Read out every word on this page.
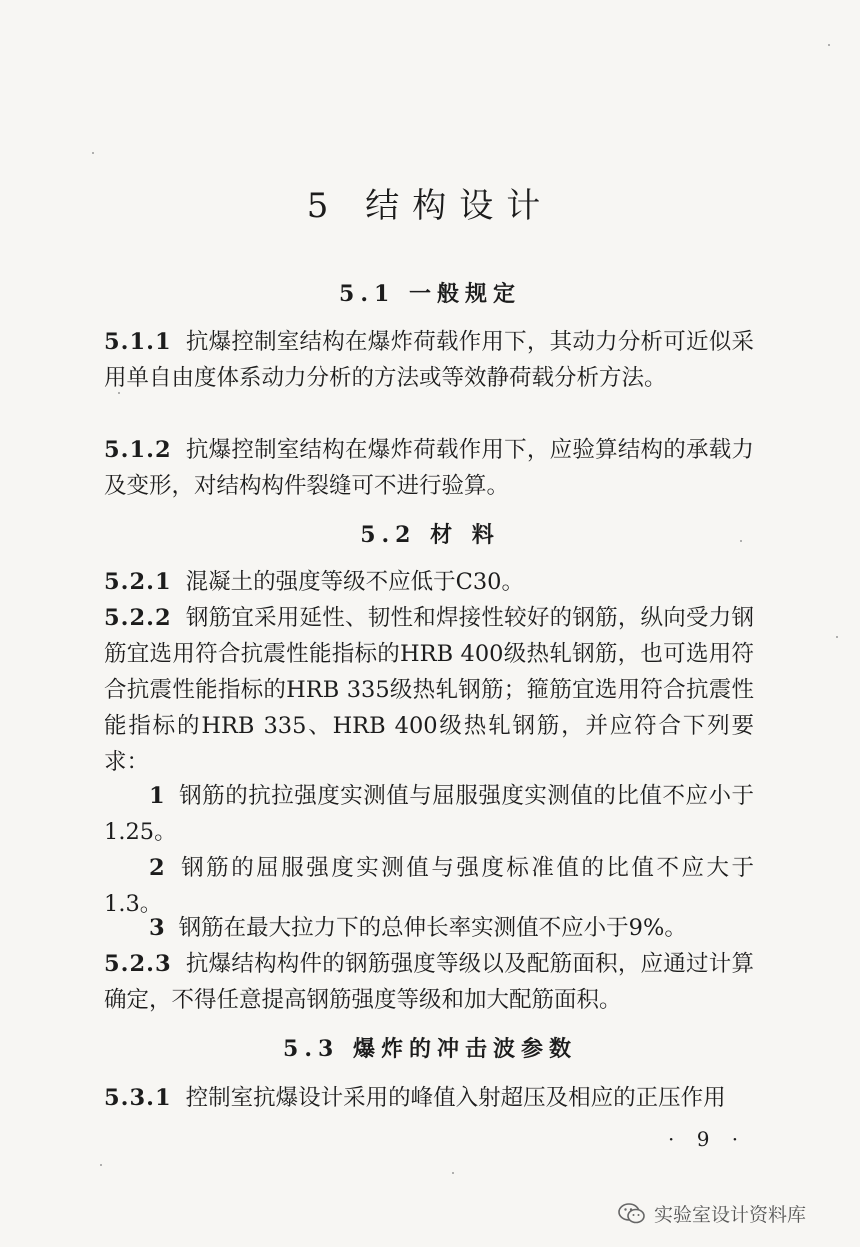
5 结构设计
5.1 一般规定
5.1.1 抗爆控制室结构在爆炸荷载作用下，其动力分析可近似采用单自由度体系动力分析的方法或等效静荷载分析方法。
5.1.2 抗爆控制室结构在爆炸荷载作用下，应验算结构的承载力及变形，对结构构件裂缝可不进行验算。
5.2 材 料
5.2.1 混凝土的强度等级不应低于C30。
5.2.2 钢筋宜采用延性、韧性和焊接性较好的钢筋，纵向受力钢筋宜选用符合抗震性能指标的HRB 400级热轧钢筋，也可选用符合抗震性能指标的HRB 335级热轧钢筋；箍筋宜选用符合抗震性能指标的HRB 335、HRB 400级热轧钢筋，并应符合下列要求：
1 钢筋的抗拉强度实测值与屈服强度实测值的比值不应小于1.25。
2 钢筋的屈服强度实测值与强度标准值的比值不应大于1.3。
3 钢筋在最大拉力下的总伸长率实测值不应小于9%。
5.2.3 抗爆结构构件的钢筋强度等级以及配筋面积，应通过计算确定，不得任意提高钢筋强度等级和加大配筋面积。
5.3 爆炸的冲击波参数
5.3.1 控制室抗爆设计采用的峰值入射超压及相应的正压作用
· 9 ·
实验室设计资料库
